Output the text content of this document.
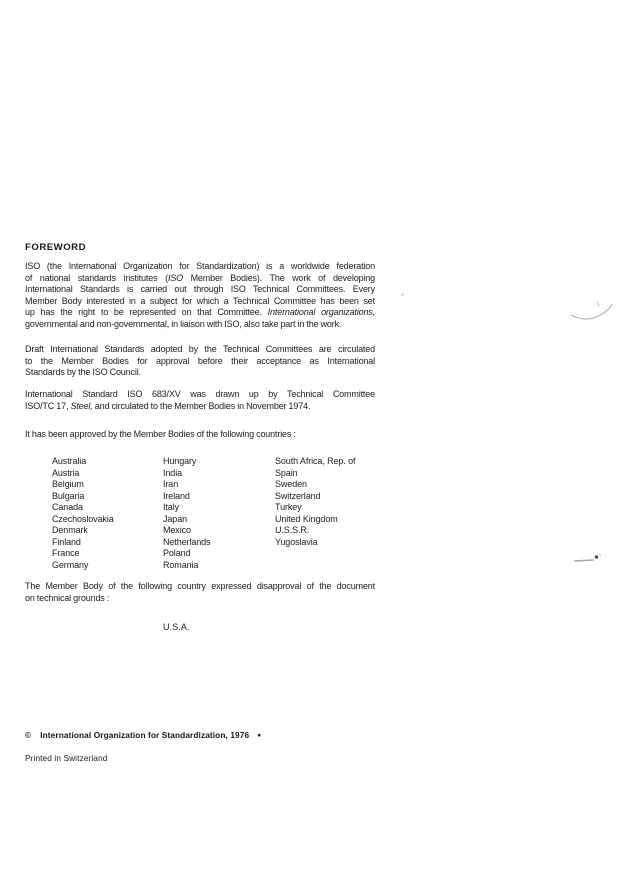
FOREWORD
ISO (the International Organization for Standardization) is a worldwide federation
of national standards institutes (ISO Member Bodies). The work of developing
International Standards is carried out through ISO Technical Committees. Every
Member Body interested in a subject for which a Technical Committee has been set
up has the right to be represented on that Committee. International organizations,
governmental and non-governmental, in liaison with ISO, also take part in the work.
Draft International Standards adopted by the Technical Committees are circulated
to the Member Bodies for approval before their acceptance as International
Standards by the ISO Council.
International Standard ISO 683/XV was drawn up by Technical Committee
ISO/TC 17, Steel, and circulated to the Member Bodies in November 1974.
It has been approved by the Member Bodies of the following countries :
Australia
Austria
Belgium
Bulgaria
Canada
Czechoslovakia
Denmark
Finland
France
Germany
Hungary
India
Iran
Ireland
Italy
Japan
Mexico
Netherlands
Poland
Romania
South Africa, Rep. of
Spain
Sweden
Switzerland
Turkey
United Kingdom
U.S.S.R.
Yugoslavia
The Member Body of the following country expressed disapproval of the document
on technical grounds :
U.S.A.
© International Organization for Standardization, 1976 ●
Printed in Switzerland
